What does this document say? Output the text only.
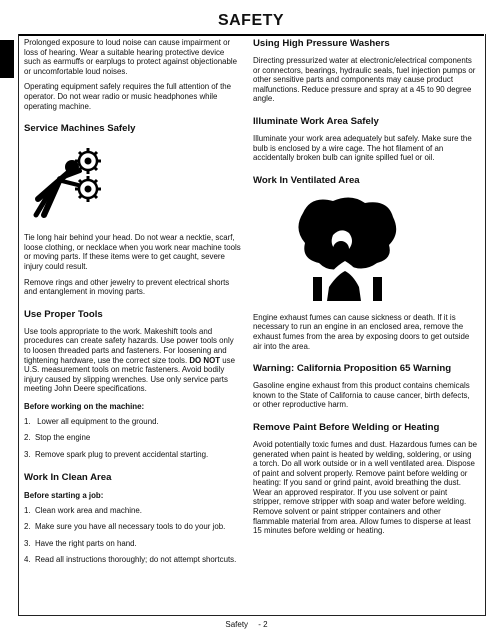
SAFETY

Prolonged exposure to loud noise can cause impairment or loss of hearing. Wear a suitable hearing protective device such as earmuffs or earplugs to protect against objectionable or uncomfortable loud noises.

Operating equipment safely requires the full attention of the operator. Do not wear radio or music headphones while operating machine.

Service Machines Safely

Tie long hair behind your head. Do not wear a necktie, scarf, loose clothing, or necklace when you work near machine tools or moving parts. If these items were to get caught, severe injury could result.

Remove rings and other jewelry to prevent electrical shorts and entanglement in moving parts.

Use Proper Tools

Use tools appropriate to the work. Makeshift tools and procedures can create safety hazards. Use power tools only to loosen threaded parts and fasteners. For loosening and tightening hardware, use the correct size tools. DO NOT use U.S. measurement tools on metric fasteners. Avoid bodily injury caused by slipping wrenches. Use only service parts meeting John Deere specifications.

Before working on the machine:
1.   Lower all equipment to the ground.
2.  Stop the engine
3.  Remove spark plug to prevent accidental starting.
Work In Clean Area
Before starting a job:
1.  Clean work area and machine.
2.  Make sure you have all necessary tools to do your job.
3.  Have the right parts on hand.
4.  Read all instructions thoroughly; do not attempt shortcuts.
Using High Pressure Washers

Directing pressurized water at electronic/electrical components or connectors, bearings, hydraulic seals, fuel injection pumps or other sensitive parts and components may cause product malfunctions. Reduce pressure and spray at a 45 to 90 degree angle.

Illuminate Work Area Safely

Illuminate your work area adequately but safely. Make sure the bulb is enclosed by a wire cage. The hot filament of an accidentally broken bulb can ignite spilled fuel or oil.

Work In Ventilated Area

Engine exhaust fumes can cause sickness or death. If it is necessary to run an engine in an enclosed area, remove the exhaust fumes from the area by exposing doors to get outside air into the area.

Warning: California Proposition 65 Warning

Gasoline engine exhaust from this product contains chemicals known to the State of California to cause cancer, birth defects, or other reproductive harm.

Remove Paint Before Welding or Heating

Avoid potentially toxic fumes and dust. Hazardous fumes can be generated when paint is heated by welding, soldering, or using a torch. Do all work outside or in a well ventilated area. Dispose of paint and solvent properly. Remove paint before welding or heating: If you sand or grind paint, avoid breathing the dust. Wear an approved respirator. If you use solvent or paint stripper, remove stripper with soap and water before welding. Remove solvent or paint stripper containers and other flammable material from area. Allow fumes to disperse at least 15 minutes before welding or heating.

Safety - 2
